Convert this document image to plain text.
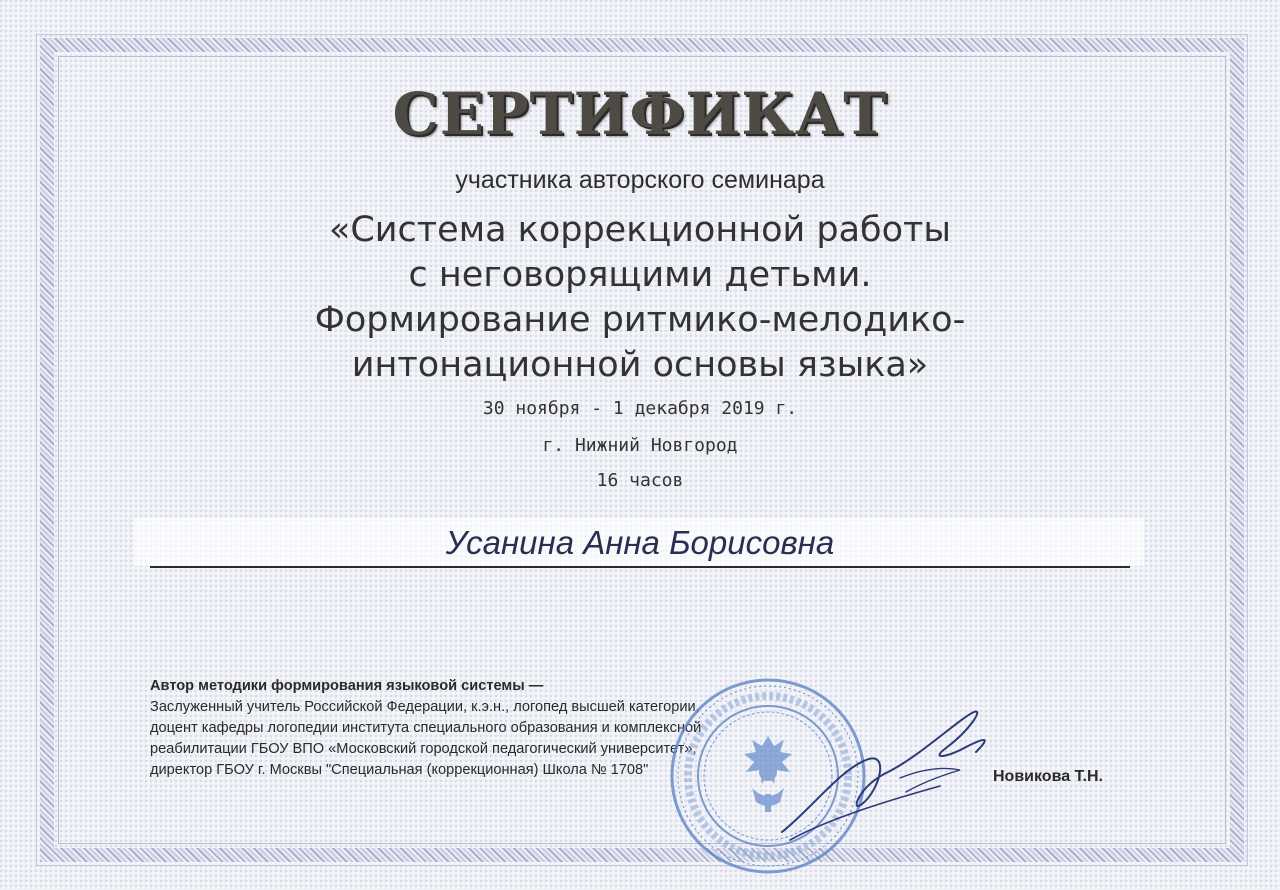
СЕРТИФИКАТ
участника авторского семинара
«Система коррекционной работы
с неговорящими детьми.
Формирование ритмико-мелодико-
интонационной основы языка»
30 ноября - 1 декабря 2019 г.
г. Нижний Новгород
16 часов
Усанина Анна Борисовна
Автор методики формирования языковой системы —
Заслуженный учитель Российской Федерации, к.э.н., логопед высшей категории,
доцент кафедры логопедии института специального образования и комплексной
реабилитации ГБОУ ВПО «Московский городской педагогический университет»,
директор ГБОУ г. Москвы "Специальная (коррекционная) Школа № 1708"	Новикова Т.Н.
